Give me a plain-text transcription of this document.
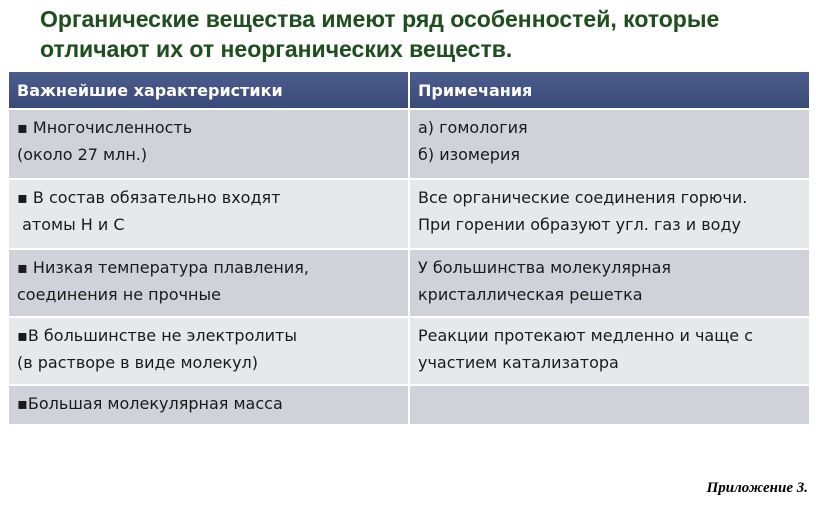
Органические вещества имеют ряд особенностей, которые
отличают их от неорганических веществ.
Важнейшие характеристики	Примечания

▪ Многочисленность
(около 27 млн.)	а) гомология
б) изомерия

▪ В состав обязательно входят
атомы Н и С	Все органические соединения горючи.
При горении образуют угл. газ и воду

▪ Низкая температура плавления,
соединения не прочные	У большинства молекулярная
кристаллическая решетка

▪В большинстве не электролиты
(в растворе в виде молекул)	Реакции протекают медленно и чаще с
участием катализатора

▪Большая молекулярная масса	

Приложение 3.
